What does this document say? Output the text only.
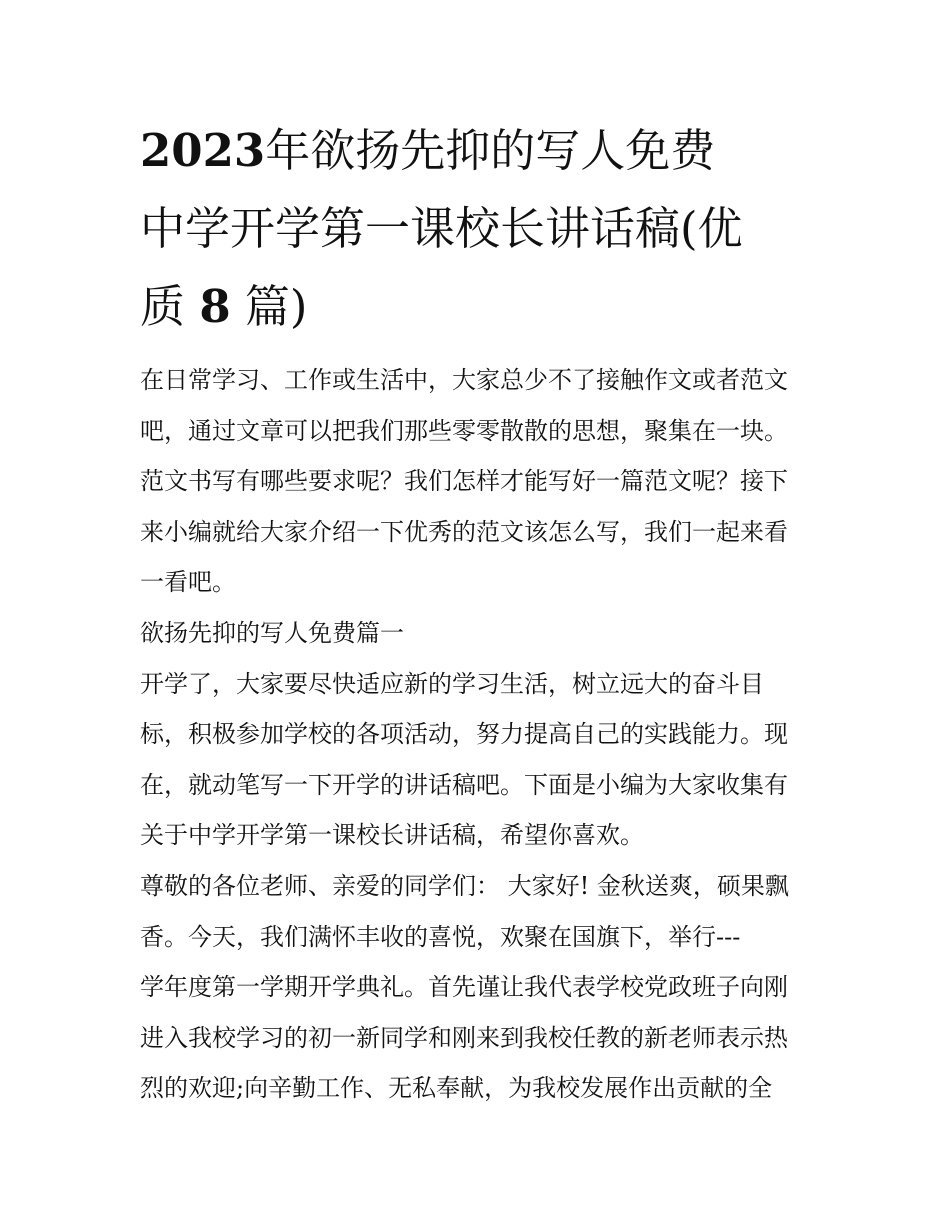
2023年欲扬先抑的写人免费
中学开学第一课校长讲话稿(优
质 8 篇)
在日常学习、工作或生活中，大家总少不了接触作文或者范文
吧，通过文章可以把我们那些零零散散的思想，聚集在一块。
范文书写有哪些要求呢？我们怎样才能写好一篇范文呢？接下
来小编就给大家介绍一下优秀的范文该怎么写，我们一起来看
一看吧。
欲扬先抑的写人免费篇一
开学了，大家要尽快适应新的学习生活，树立远大的奋斗目
标，积极参加学校的各项活动，努力提高自己的实践能力。现
在，就动笔写一下开学的讲话稿吧。下面是小编为大家收集有
关于中学开学第一课校长讲话稿，希望你喜欢。
尊敬的各位老师、亲爱的同学们： 大家好! 金秋送爽，硕果飘
香。今天，我们满怀丰收的喜悦，欢聚在国旗下，举行---
学年度第一学期开学典礼。首先谨让我代表学校党政班子向刚
进入我校学习的初一新同学和刚来到我校任教的新老师表示热
烈的欢迎;向辛勤工作、无私奉献，为我校发展作出贡献的全
